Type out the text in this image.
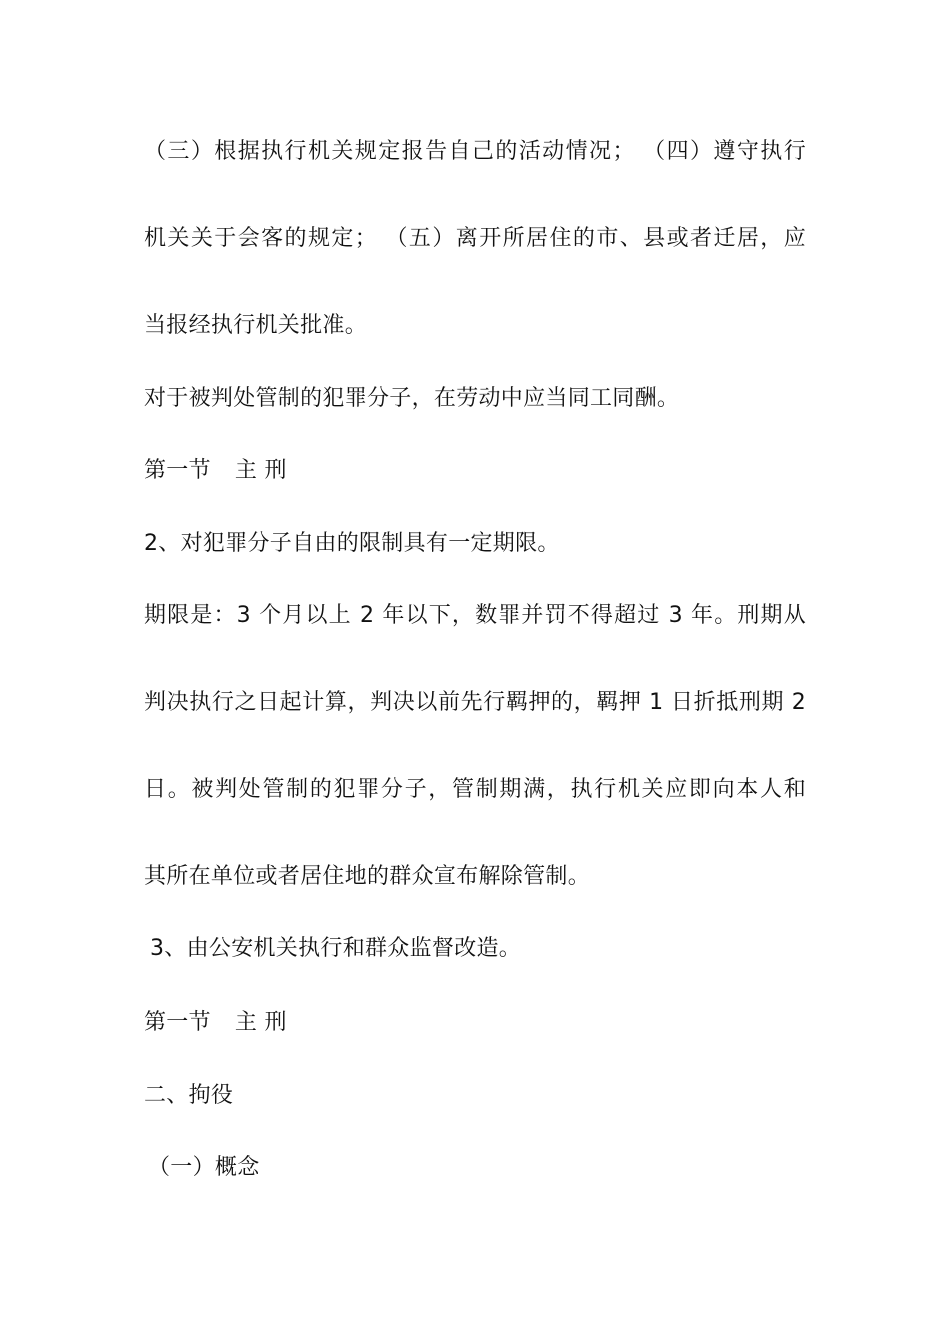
（三）根据执行机关规定报告自己的活动情况； （四）遵守执行
机关关于会客的规定； （五）离开所居住的市、县或者迁居，应
当报经执行机关批准。
对于被判处管制的犯罪分子，在劳动中应当同工同酬。
第一节 主 刑
2、对犯罪分子自由的限制具有一定期限。
期限是：3 个月以上 2 年以下，数罪并罚不得超过 3 年。刑期从
判决执行之日起计算，判决以前先行羁押的，羁押 1 日折抵刑期 2
日。被判处管制的犯罪分子，管制期满，执行机关应即向本人和
其所在单位或者居住地的群众宣布解除管制。
3、由公安机关执行和群众监督改造。
第一节 主 刑
二、拘役
（一）概念
